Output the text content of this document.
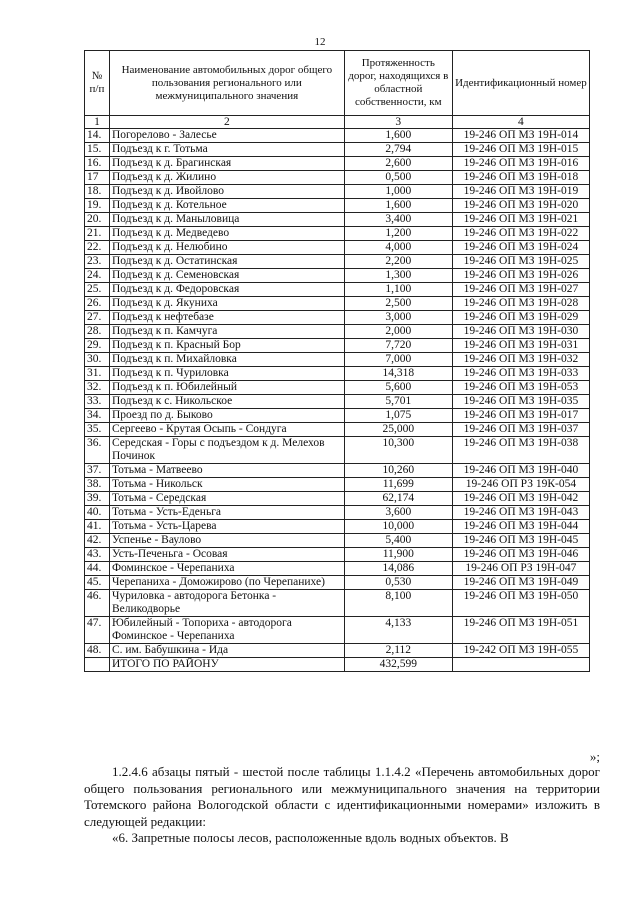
12
№ п/п	Наименование автомобильных дорог общего пользования регионального или межмуниципального значения	Протяженность дорог, находящихся в областной собственности, км	Идентификационный номер
1	2	3	4
14.	Погорелово - Залесье	1,600	19-246 ОП МЗ 19Н-014
15.	Подъезд к г. Тотьма	2,794	19-246 ОП МЗ 19Н-015
16.	Подъезд к д. Брагинская	2,600	19-246 ОП МЗ 19Н-016
17	Подъезд к д. Жилино	0,500	19-246 ОП МЗ 19Н-018
18.	Подъезд к д. Ивойлово	1,000	19-246 ОП МЗ 19Н-019
19.	Подъезд к д. Котельное	1,600	19-246 ОП МЗ 19Н-020
20.	Подъезд к д. Маныловица	3,400	19-246 ОП МЗ 19Н-021
21.	Подъезд к д. Медведево	1,200	19-246 ОП МЗ 19Н-022
22.	Подъезд к д. Нелюбино	4,000	19-246 ОП МЗ 19Н-024
23.	Подъезд к д. Остатинская	2,200	19-246 ОП МЗ 19Н-025
24.	Подъезд к д. Семеновская	1,300	19-246 ОП МЗ 19Н-026
25.	Подъезд к д. Федоровская	1,100	19-246 ОП МЗ 19Н-027
26.	Подъезд к д. Якуниха	2,500	19-246 ОП МЗ 19Н-028
27.	Подъезд к нефтебазе	3,000	19-246 ОП МЗ 19Н-029
28.	Подъезд к п. Камчуга	2,000	19-246 ОП МЗ 19Н-030
29.	Подъезд к п. Красный Бор	7,720	19-246 ОП МЗ 19Н-031
30.	Подъезд к п. Михайловка	7,000	19-246 ОП МЗ 19Н-032
31.	Подъезд к п. Чуриловка	14,318	19-246 ОП МЗ 19Н-033
32.	Подъезд к п. Юбилейный	5,600	19-246 ОП МЗ 19Н-053
33.	Подъезд к с. Никольское	5,701	19-246 ОП МЗ 19Н-035
34.	Проезд по д. Быково	1,075	19-246 ОП МЗ 19Н-017
35.	Сергеево - Крутая Осыпь - Сондуга	25,000	19-246 ОП МЗ 19Н-037
36.	Середская - Горы с подъездом к д. Мелехов Починок	10,300	19-246 ОП МЗ 19Н-038
37.	Тотьма - Матвеево	10,260	19-246 ОП МЗ 19Н-040
38.	Тотьма - Никольск	11,699	19-246 ОП РЗ 19К-054
39.	Тотьма - Середская	62,174	19-246 ОП МЗ 19Н-042
40.	Тотьма - Усть-Еденьга	3,600	19-246 ОП МЗ 19Н-043
41.	Тотьма - Усть-Царева	10,000	19-246 ОП МЗ 19Н-044
42.	Успенье - Ваулово	5,400	19-246 ОП МЗ 19Н-045
43.	Усть-Печеньга - Осовая	11,900	19-246 ОП МЗ 19Н-046
44.	Фоминское - Черепаниха	14,086	19-246 ОП РЗ 19Н-047
45.	Черепаниха - Доможирово (по Черепанихе)	0,530	19-246 ОП МЗ 19Н-049
46.	Чуриловка - автодорога Бетонка - Великодворье	8,100	19-246 ОП МЗ 19Н-050
47.	Юбилейный - Топориха - автодорога Фоминское - Черепаниха	4,133	19-246 ОП МЗ 19Н-051
48.	С. им. Бабушкина - Ида	2,112	19-242 ОП МЗ 19Н-055
	ИТОГО ПО РАЙОНУ	432,599	
»;
1.2.4.6 абзацы пятый - шестой после таблицы 1.1.4.2 «Перечень автомобильных дорог общего пользования регионального или межмуниципального значения на территории Тотемского района Вологодской области с идентификационными номерами» изложить в следующей редакции:
«6. Запретные полосы лесов, расположенные вдоль водных объектов. В
